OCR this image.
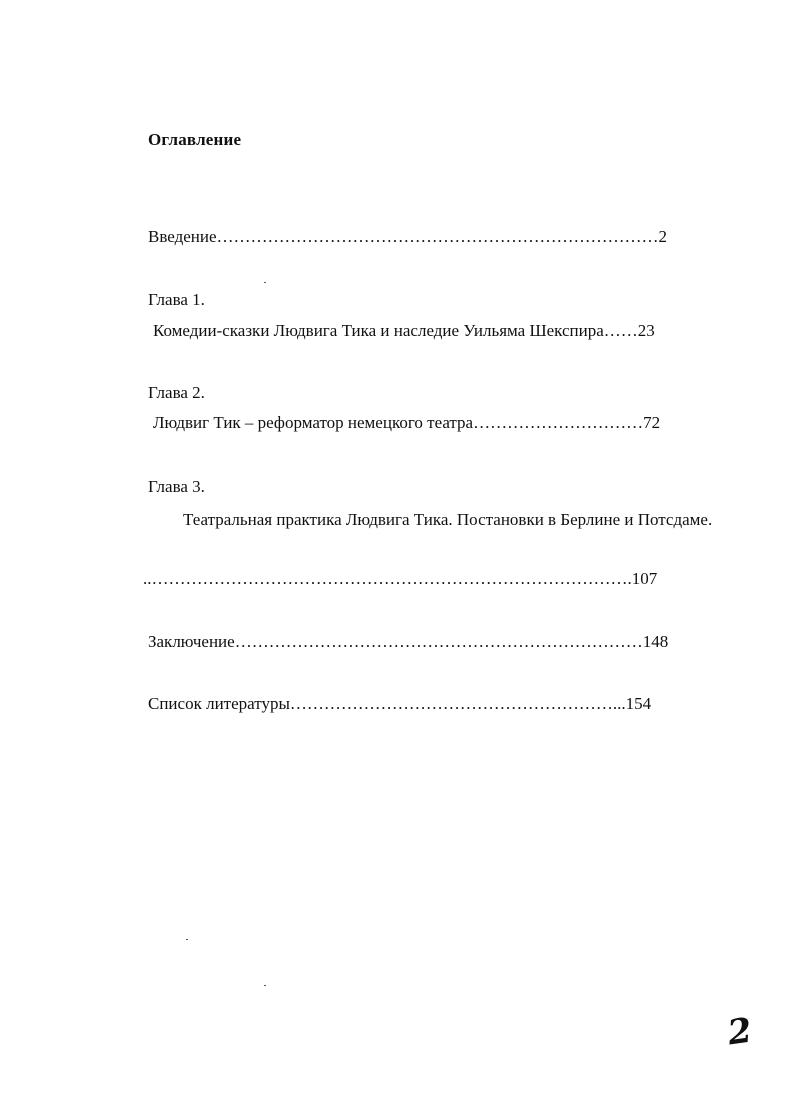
Оглавление
Введение……………………………………………………………………2
Глава 1.
Комедии-сказки Людвига Тика и наследие Уильяма Шекспира……23
Глава 2.
Людвиг Тик – реформатор немецкого театра…………………………72
Глава 3.
Театральная практика Людвига Тика. Постановки в Берлине и Потсдаме.
..………………………………………………………………………….107
Заключение………………………………………………………………148
Список литературы…………………………………………………...154
2
